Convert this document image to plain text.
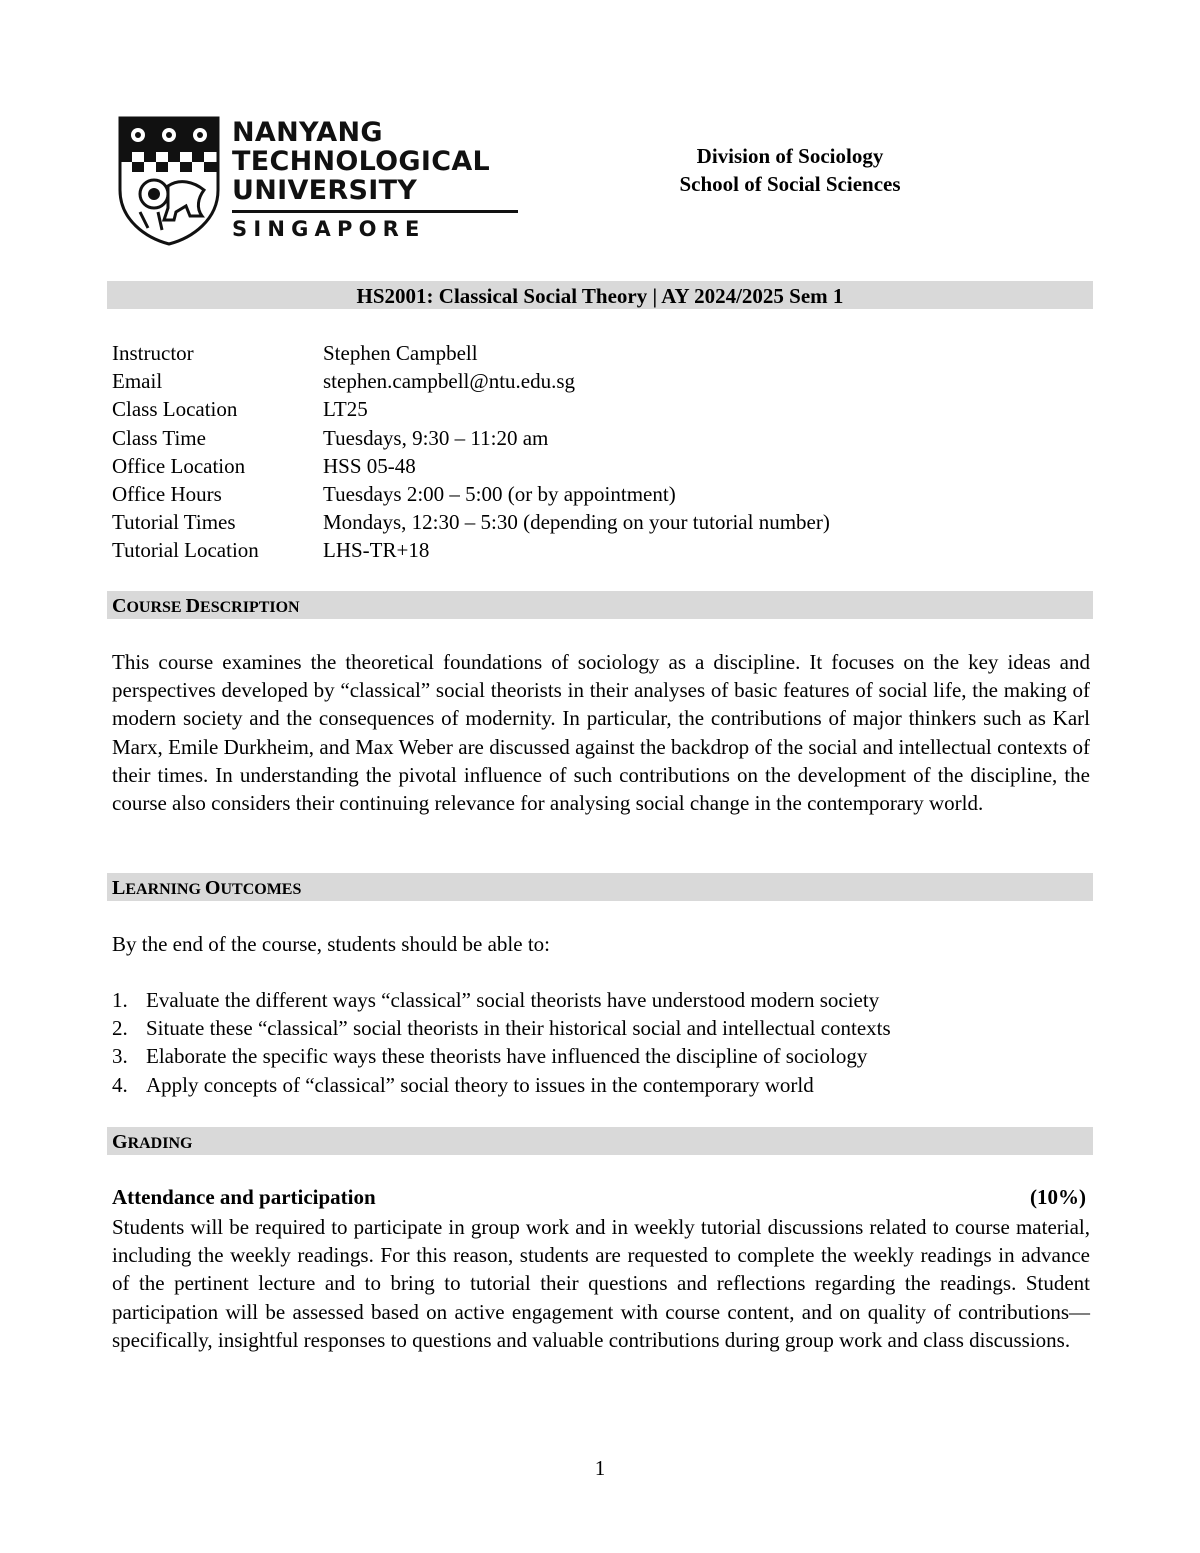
NANYANG
TECHNOLOGICAL
UNIVERSITY
SINGAPORE
Division of Sociology
School of Social Sciences
HS2001: Classical Social Theory | AY 2024/2025 Sem 1
Instructor	Stephen Campbell
Email	stephen.campbell@ntu.edu.sg
Class Location	LT25
Class Time	Tuesdays, 9:30 – 11:20 am
Office Location	HSS 05-48
Office Hours	Tuesdays 2:00 – 5:00 (or by appointment)
Tutorial Times	Mondays, 12:30 – 5:30 (depending on your tutorial number)
Tutorial Location	LHS-TR+18
COURSE DESCRIPTION

This course examines the theoretical foundations of sociology as a discipline. It focuses on the key ideas and perspectives developed by “classical” social theorists in their analyses of basic features of social life, the making of modern society and the consequences of modernity. In particular, the contributions of major thinkers such as Karl Marx, Emile Durkheim, and Max Weber are discussed against the backdrop of the social and intellectual contexts of their times. In understanding the pivotal influence of such contributions on the development of the discipline, the course also considers their continuing relevance for analysing social change in the contemporary world.

LEARNING OUTCOMES

By the end of the course, students should be able to:

1. Evaluate the different ways “classical” social theorists have understood modern society
2. Situate these “classical” social theorists in their historical social and intellectual contexts
3. Elaborate the specific ways these theorists have influenced the discipline of sociology
4. Apply concepts of “classical” social theory to issues in the contemporary world
GRADING
Attendance and participation	(10%)

Students will be required to participate in group work and in weekly tutorial discussions related to course material, including the weekly readings. For this reason, students are requested to complete the weekly readings in advance of the pertinent lecture and to bring to tutorial their questions and reflections regarding the readings. Student participation will be assessed based on active engagement with course content, and on quality of contributions—specifically, insightful responses to questions and valuable contributions during group work and class discussions.

1
